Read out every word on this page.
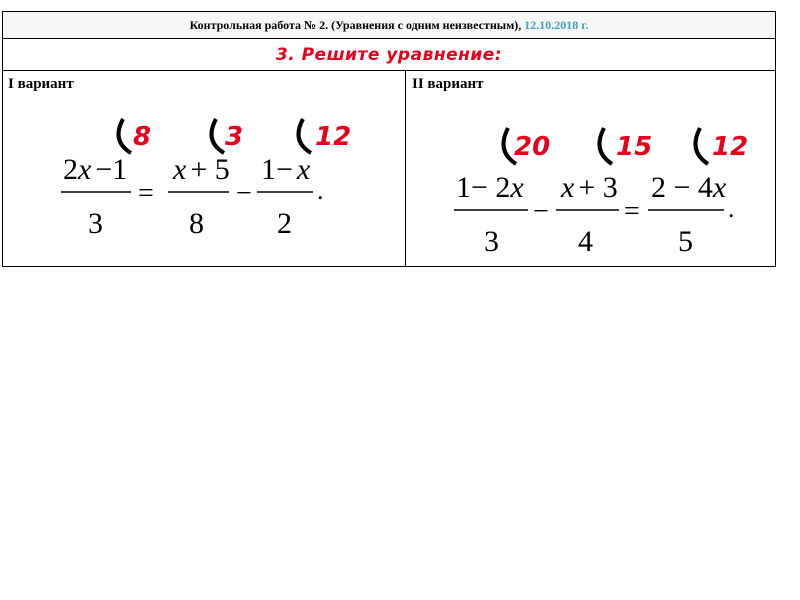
Контрольная работа № 2. (Уравнения с одним неизвестным), 12.10.2018 г.
3. Решите уравнение:
I вариант
8	3	12
2x −1
3
=
x + 5
8
−
1− x
2
.
II вариант
20	15 12
1− 2x
3
−
x + 3
4
=
2 − 4x
5
.
